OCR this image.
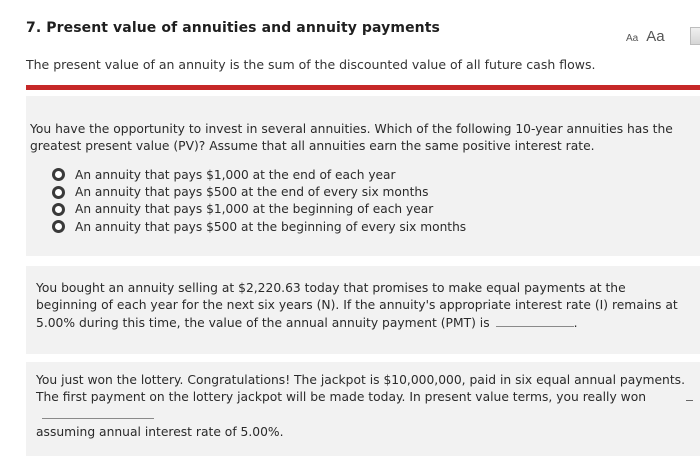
7. Present value of annuities and annuity payments
Aa Aa
The present value of an annuity is the sum of the discounted value of all future cash flows.
You have the opportunity to invest in several annuities. Which of the following 10-year annuities has the greatest present value (PV)? Assume that all annuities earn the same positive interest rate.
An annuity that pays $1,000 at the end of each year
An annuity that pays $500 at the end of every six months
An annuity that pays $1,000 at the beginning of each year
An annuity that pays $500 at the beginning of every six months
You bought an annuity selling at $2,220.63 today that promises to make equal payments at the beginning of each year for the next six years (N). If the annuity's appropriate interest rate (I) remains at 5.00% during this time, the value of the annual annuity payment (PMT) is	.
You just won the lottery. Congratulations! The jackpot is $10,000,000, paid in six equal annual payments. The first payment on the lottery jackpot will be made today. In present value terms, you really won
assuming annual interest rate of 5.00%.
